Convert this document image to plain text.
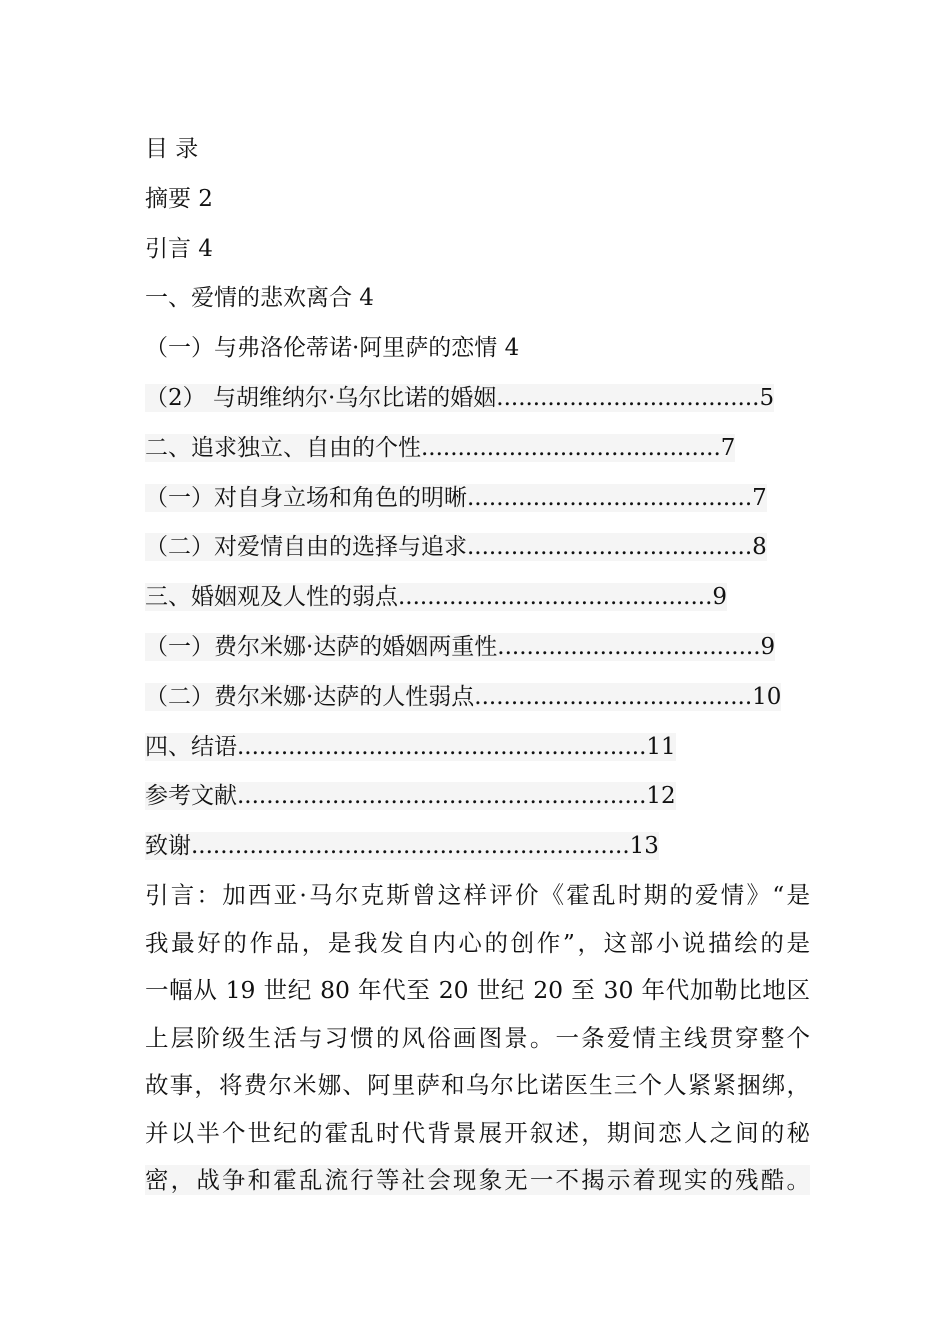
目 录
摘要 2
引言 4
一、爱情的悲欢离合 4
（一）与弗洛伦蒂诺·阿里萨的恋情 4
（2） 与胡维纳尔·乌尔比诺的婚姻....................................5
二、追求独立、自由的个性.........................................7
（一）对自身立场和角色的明晰.......................................7
（二）对爱情自由的选择与追求.......................................8
三、婚姻观及人性的弱点...........................................9
（一）费尔米娜·达萨的婚姻两重性....................................9
（二）费尔米娜·达萨的人性弱点......................................10
四、结语........................................................11
参考文献........................................................12
致谢............................................................13
引言：加西亚·马尔克斯曾这样评价《霍乱时期的爱情》“是
我最好的作品，是我发自内心的创作”，这部小说描绘的是
一幅从 19 世纪 80 年代至 20 世纪 20 至 30 年代加勒比地区
上层阶级生活与习惯的风俗画图景。一条爱情主线贯穿整个
故事，将费尔米娜、阿里萨和乌尔比诺医生三个人紧紧捆绑，
并以半个世纪的霍乱时代背景展开叙述，期间恋人之间的秘
密，战争和霍乱流行等社会现象无一不揭示着现实的残酷。
